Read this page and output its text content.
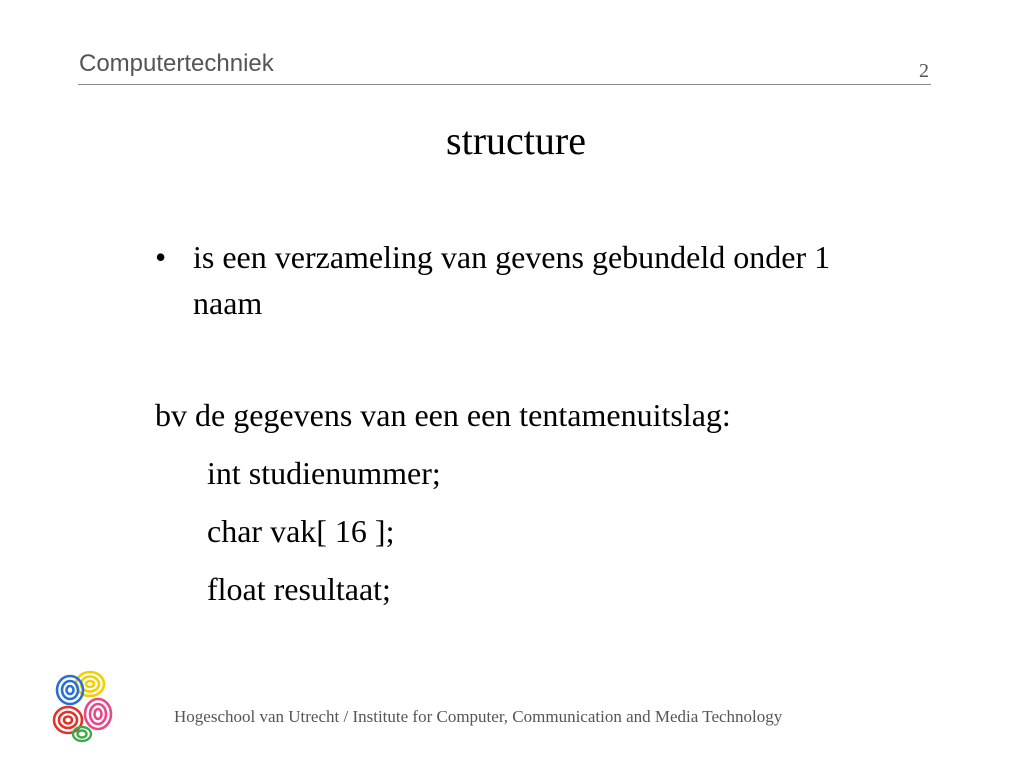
Computertechniek	2
structure
• is een verzameling van gevens gebundeld onder 1 naam
bv de gegevens van een een tentamenuitslag:
int studienummer;
char vak[ 16 ];
float resultaat;
Hogeschool van Utrecht / Institute for Computer, Communication and Media Technology
